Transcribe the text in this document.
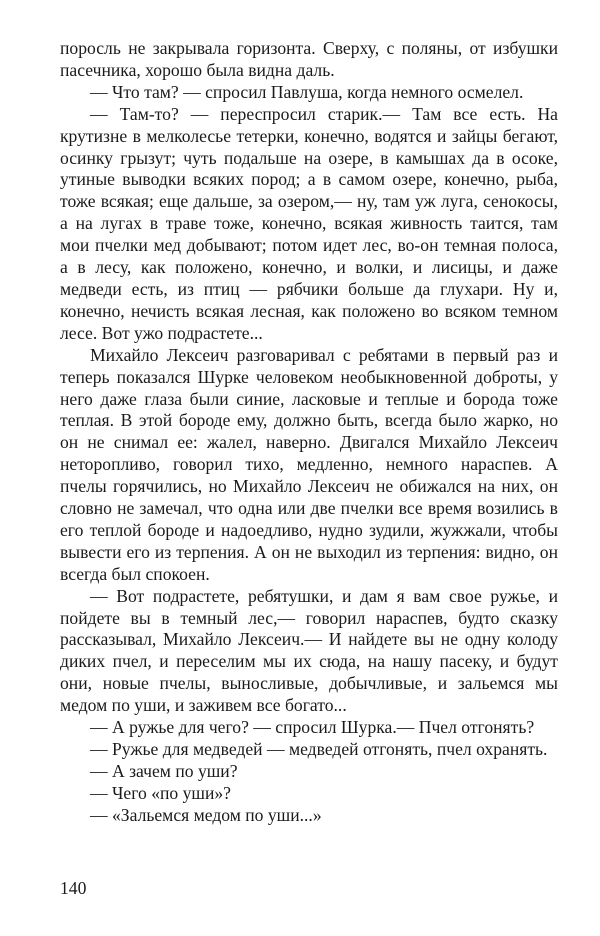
поросль не закрывала горизонта. Сверху, с поляны, от избушки пасечника, хорошо была видна даль.

— Что там? — спросил Павлуша, когда немного осмелел.

— Там-то? — переспросил старик.— Там все есть. На крутизне в мелколесье тетерки, конечно, водятся и зайцы бегают, осинку грызут; чуть подальше на озере, в камышах да в осоке, утиные выводки всяких пород; а в самом озере, конечно, рыба, тоже всякая; еще дальше, за озером,— ну, там уж луга, сенокосы, а на лугах в траве тоже, конечно, всякая живность таится, там мои пчелки мед добывают; потом идет лес, во-он темная полоса, а в лесу, как положено, конечно, и волки, и лисицы, и даже медведи есть, из птиц — рябчики больше да глухари. Ну и, конечно, нечисть всякая лесная, как положено во всяком темном лесе. Вот ужо подрастете...

Михайло Лексеич разговаривал с ребятами в первый раз и теперь показался Шурке человеком необыкновенной доброты, у него даже глаза были синие, ласковые и теплые и борода тоже теплая. В этой бороде ему, должно быть, всегда было жарко, но он не снимал ее: жалел, наверно. Двигался Михайло Лексеич неторопливо, говорил тихо, медленно, немного нараспев. А пчелы горячились, но Михайло Лексеич не обижался на них, он словно не замечал, что одна или две пчелки все время возились в его теплой бороде и надоедливо, нудно зудили, жужжали, чтобы вывести его из терпения. А он не выходил из терпения: видно, он всегда был спокоен.

— Вот подрастете, ребятушки, и дам я вам свое ружье, и пойдете вы в темный лес,— говорил нараспев, будто сказку рассказывал, Михайло Лексеич.— И найдете вы не одну колоду диких пчел, и переселим мы их сюда, на нашу пасеку, и будут они, новые пчелы, выносливые, добычливые, и зальемся мы медом по уши, и заживем все богато...

— А ружье для чего? — спросил Шурка.— Пчел отгонять?

— Ружье для медведей — медведей отгонять, пчел охранять.

— А зачем по уши?

— Чего «по уши»?

— «Зальемся медом по уши...»

140
